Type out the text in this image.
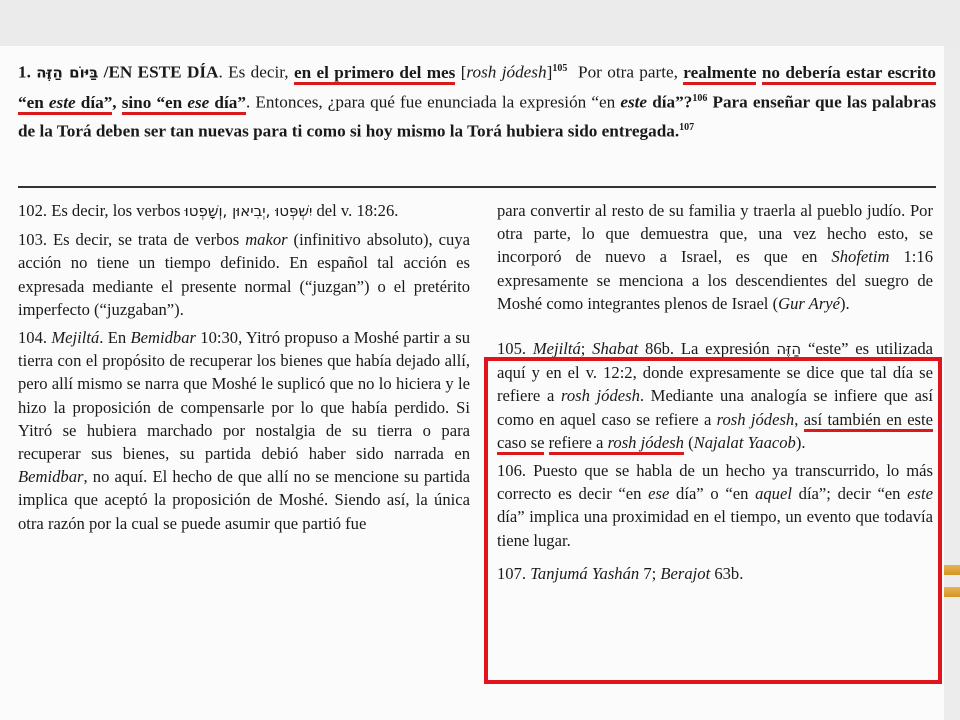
1. בַּיּוֹם הַזֶּה /EN ESTE DÍA. Es decir, en el primero del mes [rosh jódesh]$^{105}$ Por otra parte, realmente no debería estar escrito “en este día”, sino “en ese día”. Entonces, ¿para qué fue enunciada la expresión “en este día”?$^{106}$ Para enseñar que las palabras de la Torá deben ser tan nuevas para ti como si hoy mismo la Torá hubiera sido entregada.$^{107}$

102. Es decir, los verbos יִשְׁפְּטוּ ,יְבִיאוּן ,וְשָׁפְטוּ del v. 18:26.

103. Es decir, se trata de verbos makor (infinitivo absoluto), cuya acción no tiene un tiempo definido. En español tal acción es expresada mediante el presente normal (“juzgan”) o el pretérito imperfecto (“juzgaban”).

104. Mejiltá. En Bemidbar 10:30, Yitró propuso a Moshé partir a su tierra con el propósito de recuperar los bienes que había dejado allí, pero allí mismo se narra que Moshé le suplicó que no lo hiciera y le hizo la proposición de compensarle por lo que había perdido. Si Yitró se hubiera marchado por nostalgia de su tierra o para recuperar sus bienes, su partida debió haber sido narrada en Bemidbar, no aquí. El hecho de que allí no se mencione su partida implica que aceptó la proposición de Moshé. Siendo así, la única otra razón por la cual se puede asumir que partió fue

para convertir al resto de su familia y traerla al pueblo judío. Por otra parte, lo que demuestra que, una vez hecho esto, se incorporó de nuevo a Israel, es que en Shofetim 1:16 expresamente se menciona a los descendientes del suegro de Moshé como integrantes plenos de Israel (Gur Aryé).

105. Mejiltá; Shabat 86b. La expresión הַזֶּה “este” es utilizada aquí y en el v. 12:2, donde expresamente se dice que tal día se refiere a rosh jódesh. Mediante una analogía se infiere que así como en aquel caso se refiere a rosh jódesh, así también en este caso se refiere a rosh jódesh (Najalat Yaacob).

106. Puesto que se habla de un hecho ya transcurrido, lo más correcto es decir “en ese día” o “en aquel día”; decir “en este día” implica una proximidad en el tiempo, un evento que todavía tiene lugar.

107. Tanjumá Yashán 7; Berajot 63b.
